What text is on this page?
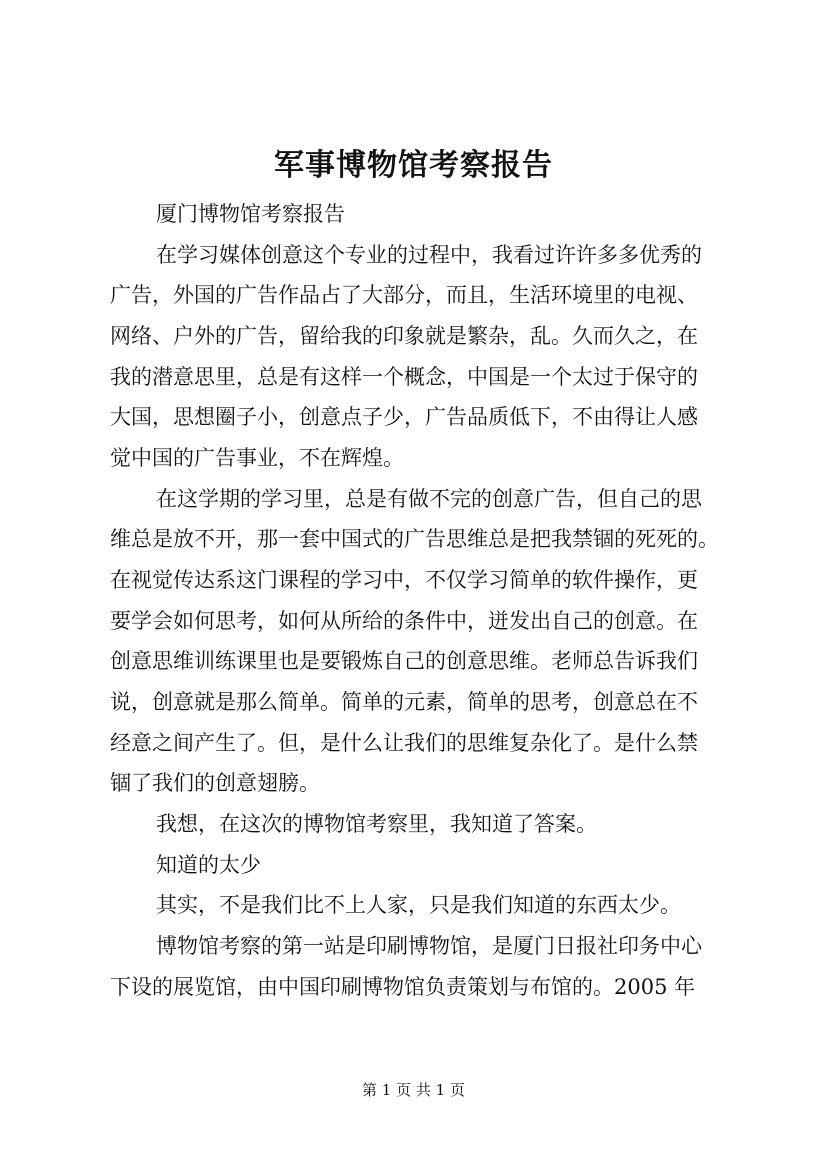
军事博物馆考察报告
厦门博物馆考察报告
在学习媒体创意这个专业的过程中，我看过许许多多优秀的
广告，外国的广告作品占了大部分，而且，生活环境里的电视、
网络、户外的广告，留给我的印象就是繁杂，乱。久而久之，在
我的潜意思里，总是有这样一个概念，中国是一个太过于保守的
大国，思想圈子小，创意点子少，广告品质低下，不由得让人感
觉中国的广告事业，不在辉煌。
在这学期的学习里，总是有做不完的创意广告，但自己的思
维总是放不开，那一套中国式的广告思维总是把我禁锢的死死的。
在视觉传达系这门课程的学习中，不仅学习简单的软件操作，更
要学会如何思考，如何从所给的条件中，迸发出自己的创意。在
创意思维训练课里也是要锻炼自己的创意思维。老师总告诉我们
说，创意就是那么简单。简单的元素，简单的思考，创意总在不
经意之间产生了。但，是什么让我们的思维复杂化了。是什么禁
锢了我们的创意翅膀。
我想，在这次的博物馆考察里，我知道了答案。
知道的太少
其实，不是我们比不上人家，只是我们知道的东西太少。
博物馆考察的第一站是印刷博物馆，是厦门日报社印务中心
下设的展览馆，由中国印刷博物馆负责策划与布馆的。2005 年
第 1 页 共 1 页
